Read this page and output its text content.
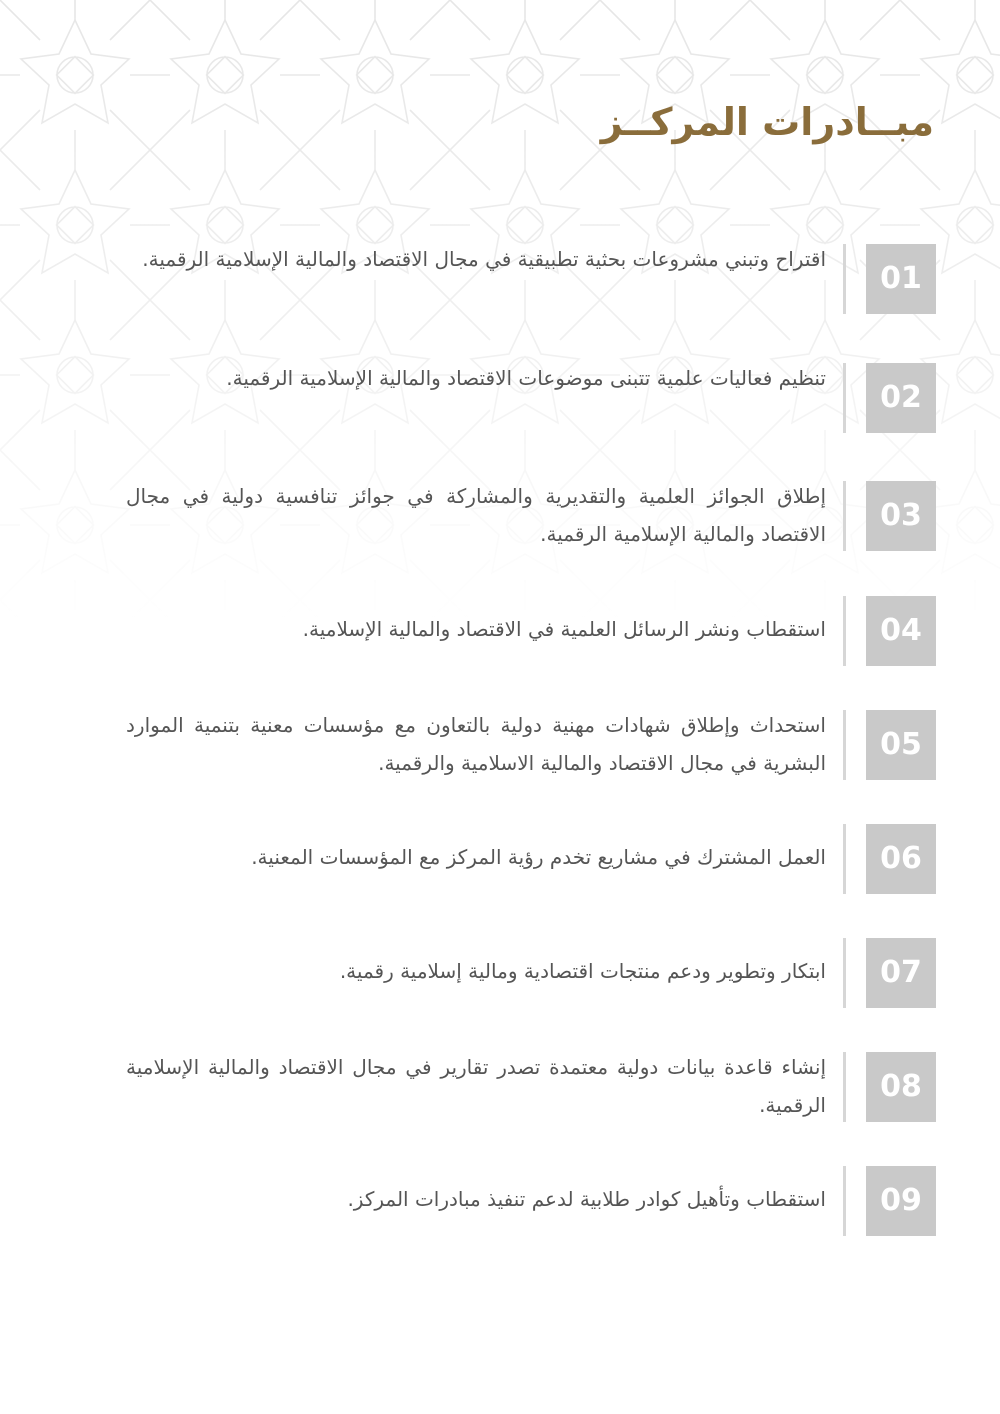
مبــادرات المركــز
01

اقتراح وتبني مشروعات بحثية تطبيقية في مجال الاقتصاد والمالية الإسلامية الرقمية.

02

تنظيم فعاليات علمية تتبنى موضوعات الاقتصاد والمالية الإسلامية الرقمية.

03

إطلاق الجوائز العلمية والتقديرية والمشاركة في جوائز تنافسية دولية في مجال الاقتصاد والمالية الإسلامية الرقمية.

04

استقطاب ونشر الرسائل العلمية في الاقتصاد والمالية الإسلامية.

05

استحداث وإطلاق شهادات مهنية دولية بالتعاون مع مؤسسات معنية بتنمية الموارد البشرية في مجال الاقتصاد والمالية الاسلامية والرقمية.

06

العمل المشترك في مشاريع تخدم رؤية المركز مع المؤسسات المعنية.

07

ابتكار وتطوير ودعم منتجات اقتصادية ومالية إسلامية رقمية.

08

إنشاء قاعدة بيانات دولية معتمدة تصدر تقارير في مجال الاقتصاد والمالية الإسلامية الرقمية.

09

استقطاب وتأهيل كوادر طلابية لدعم تنفيذ مبادرات المركز.
